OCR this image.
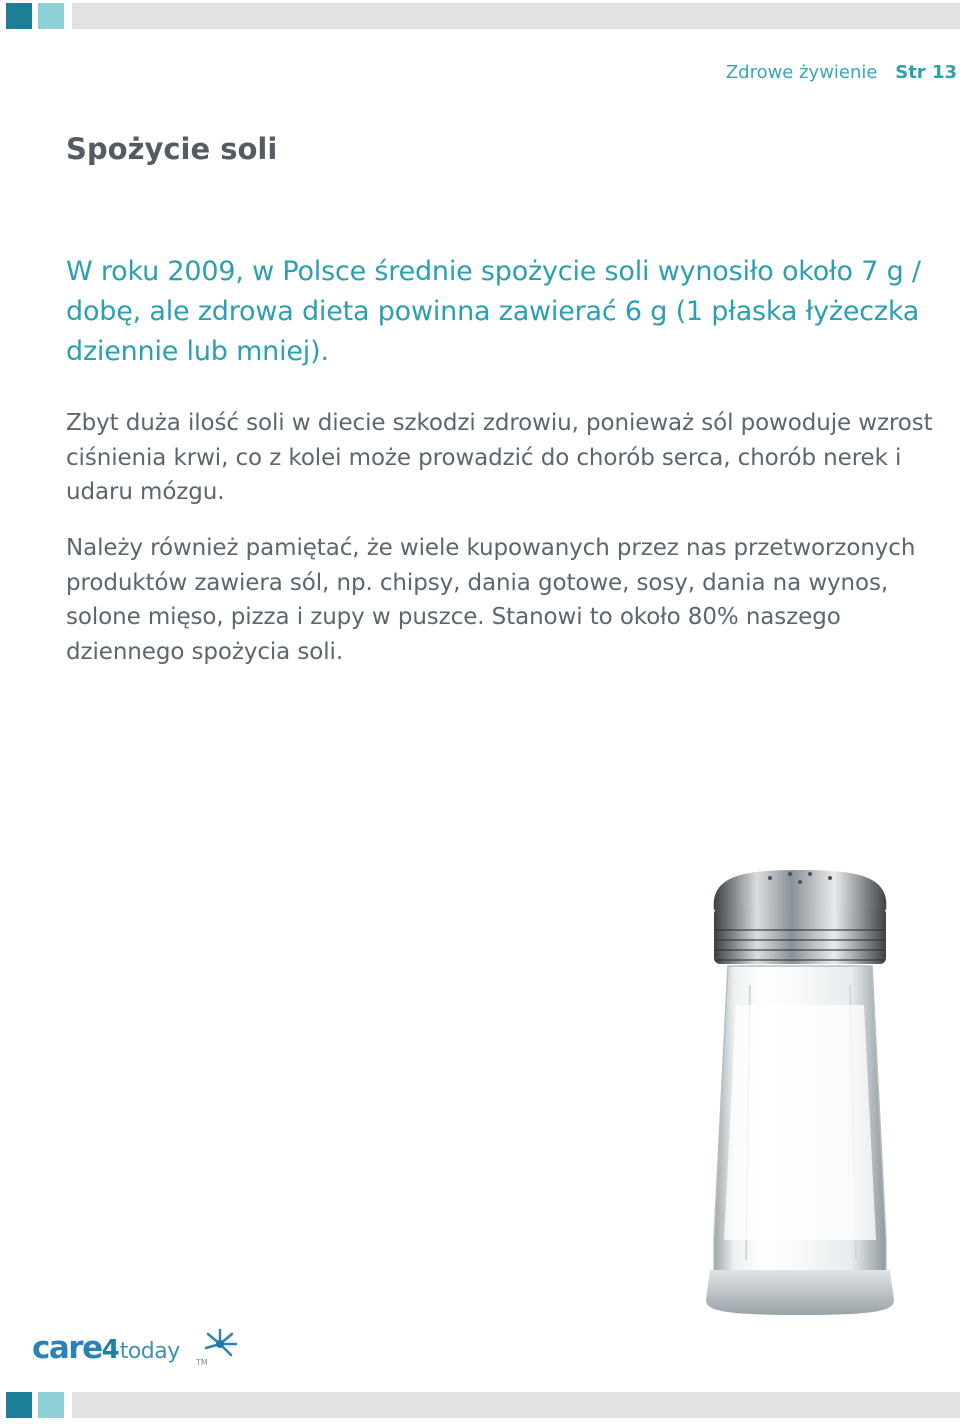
Zdrowe żywienie Str 13
Spożycie soli

W roku 2009, w Polsce średnie spożycie soli wynosiło około 7 g / dobę, ale zdrowa dieta powinna zawierać 6 g (1 płaska łyżeczka dziennie lub mniej).

Zbyt duża ilość soli w diecie szkodzi zdrowiu, ponieważ sól powoduje wzrost ciśnienia krwi, co z kolei może prowadzić do chorób serca, chorób nerek i udaru mózgu.

Należy również pamiętać, że wiele kupowanych przez nas przetworzonych produktów zawiera sól, np. chipsy, dania gotowe, sosy, dania na wynos, solone mięso, pizza i zupy w puszce. Stanowi to około 80% naszego dziennego spożycia soli.

care4today TM
